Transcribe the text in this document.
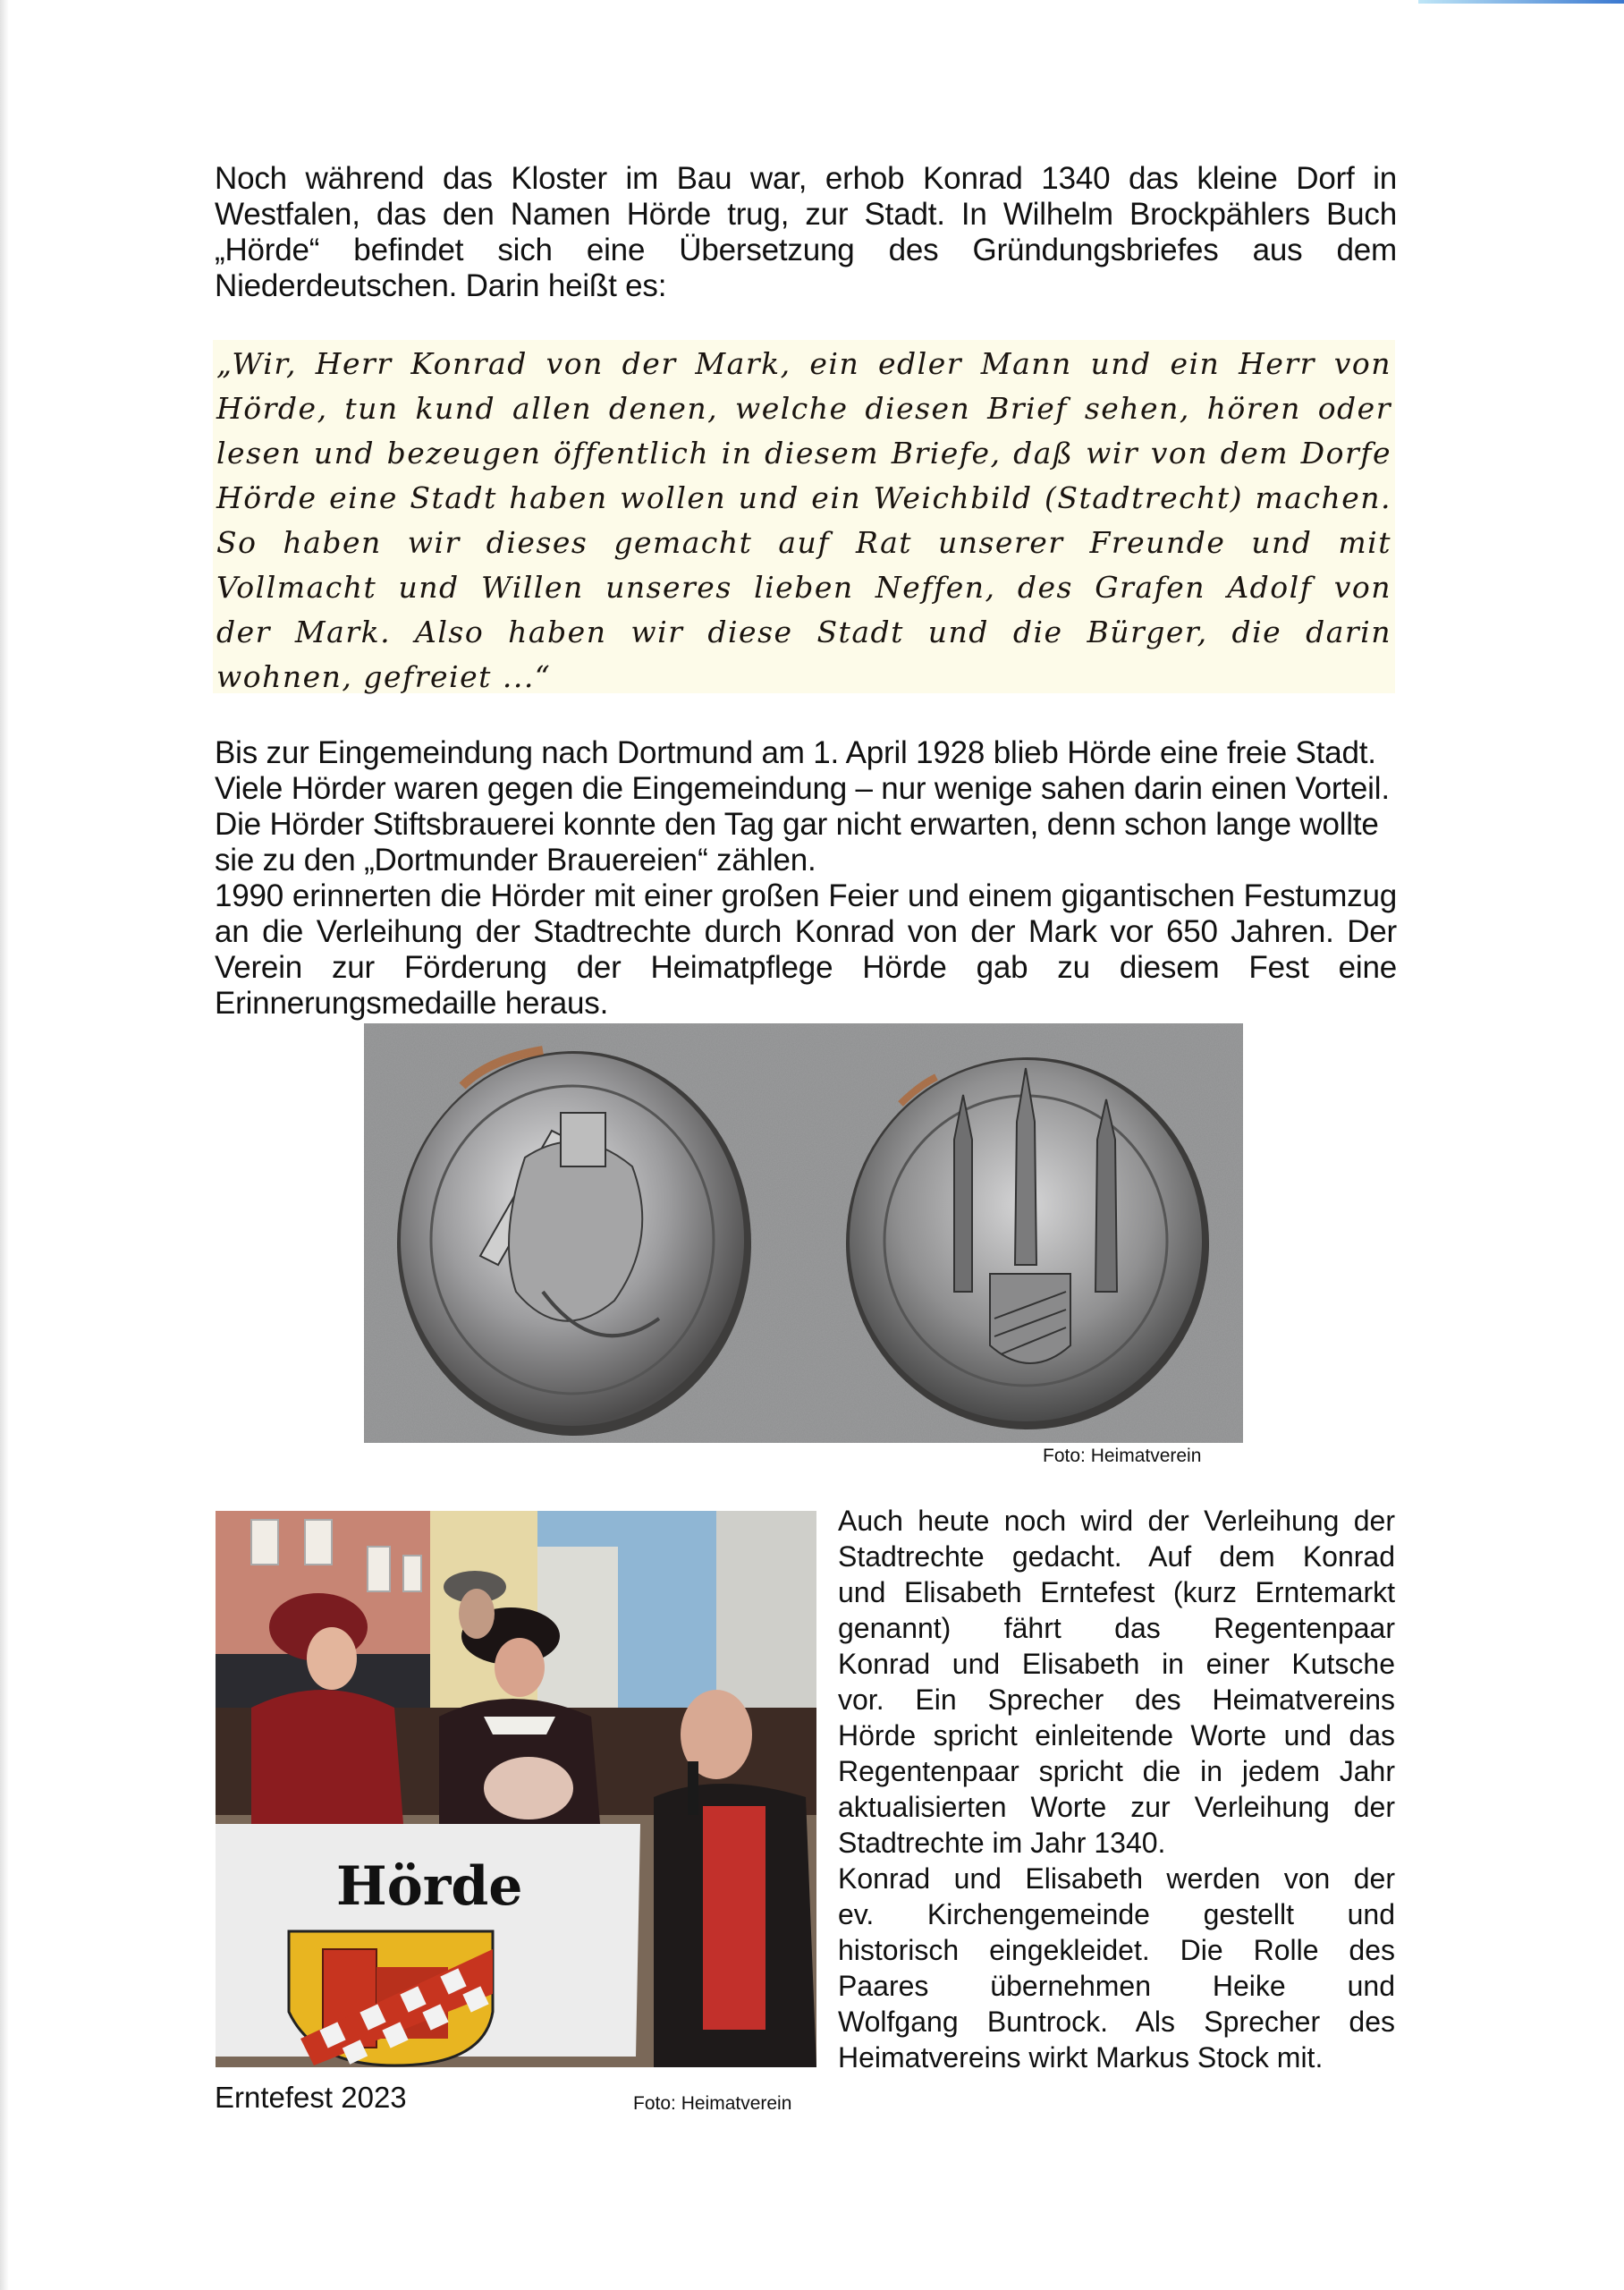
Noch während das Kloster im Bau war, erhob Konrad 1340 das kleine Dorf in
Westfalen, das den Namen Hörde trug, zur Stadt. In Wilhelm Brockpählers Buch
„Hörde“ befindet sich eine Übersetzung des Gründungsbriefes aus dem
Niederdeutschen. Darin heißt es:
„Wir, Herr Konrad von der Mark, ein edler Mann und ein Herr von
Hörde, tun kund allen denen, welche diesen Brief sehen, hören oder
lesen und bezeugen öffentlich in diesem Briefe, daß wir von dem Dorfe
Hörde eine Stadt haben wollen und ein Weichbild (Stadtrecht) machen.
So haben wir dieses gemacht auf Rat unserer Freunde und mit
Vollmacht und Willen unseres lieben Neffen, des Grafen Adolf von
der Mark. Also haben wir diese Stadt und die Bürger, die darin
wohnen, gefreiet ...“
Bis zur Eingemeindung nach Dortmund am 1. April 1928 blieb Hörde eine freie Stadt.
Viele Hörder waren gegen die Eingemeindung – nur wenige sahen darin einen Vorteil.
Die Hörder Stiftsbrauerei konnte den Tag gar nicht erwarten, denn schon lange wollte
sie zu den „Dortmunder Brauereien“ zählen.
1990 erinnerten die Hörder mit einer großen Feier und einem gigantischen Festumzug
an die Verleihung der Stadtrechte durch Konrad von der Mark vor 650 Jahren. Der
Verein zur Förderung der Heimatpflege Hörde gab zu diesem Fest eine
Erinnerungsmedaille heraus.
Foto: Heimatverein
Hörde
Erntefest 2023	Foto: Heimatverein
Auch heute noch wird der Verleihung der
Stadtrechte gedacht. Auf dem Konrad
und Elisabeth Erntefest (kurz Erntemarkt
genannt) fährt das Regentenpaar
Konrad und Elisabeth in einer Kutsche
vor. Ein Sprecher des Heimatvereins
Hörde spricht einleitende Worte und das
Regentenpaar spricht die in jedem Jahr
aktualisierten Worte zur Verleihung der
Stadtrechte im Jahr 1340.
Konrad und Elisabeth werden von der
ev. Kirchengemeinde gestellt und
historisch eingekleidet. Die Rolle des
Paares übernehmen Heike und
Wolfgang Buntrock. Als Sprecher des
Heimatvereins wirkt Markus Stock mit.
